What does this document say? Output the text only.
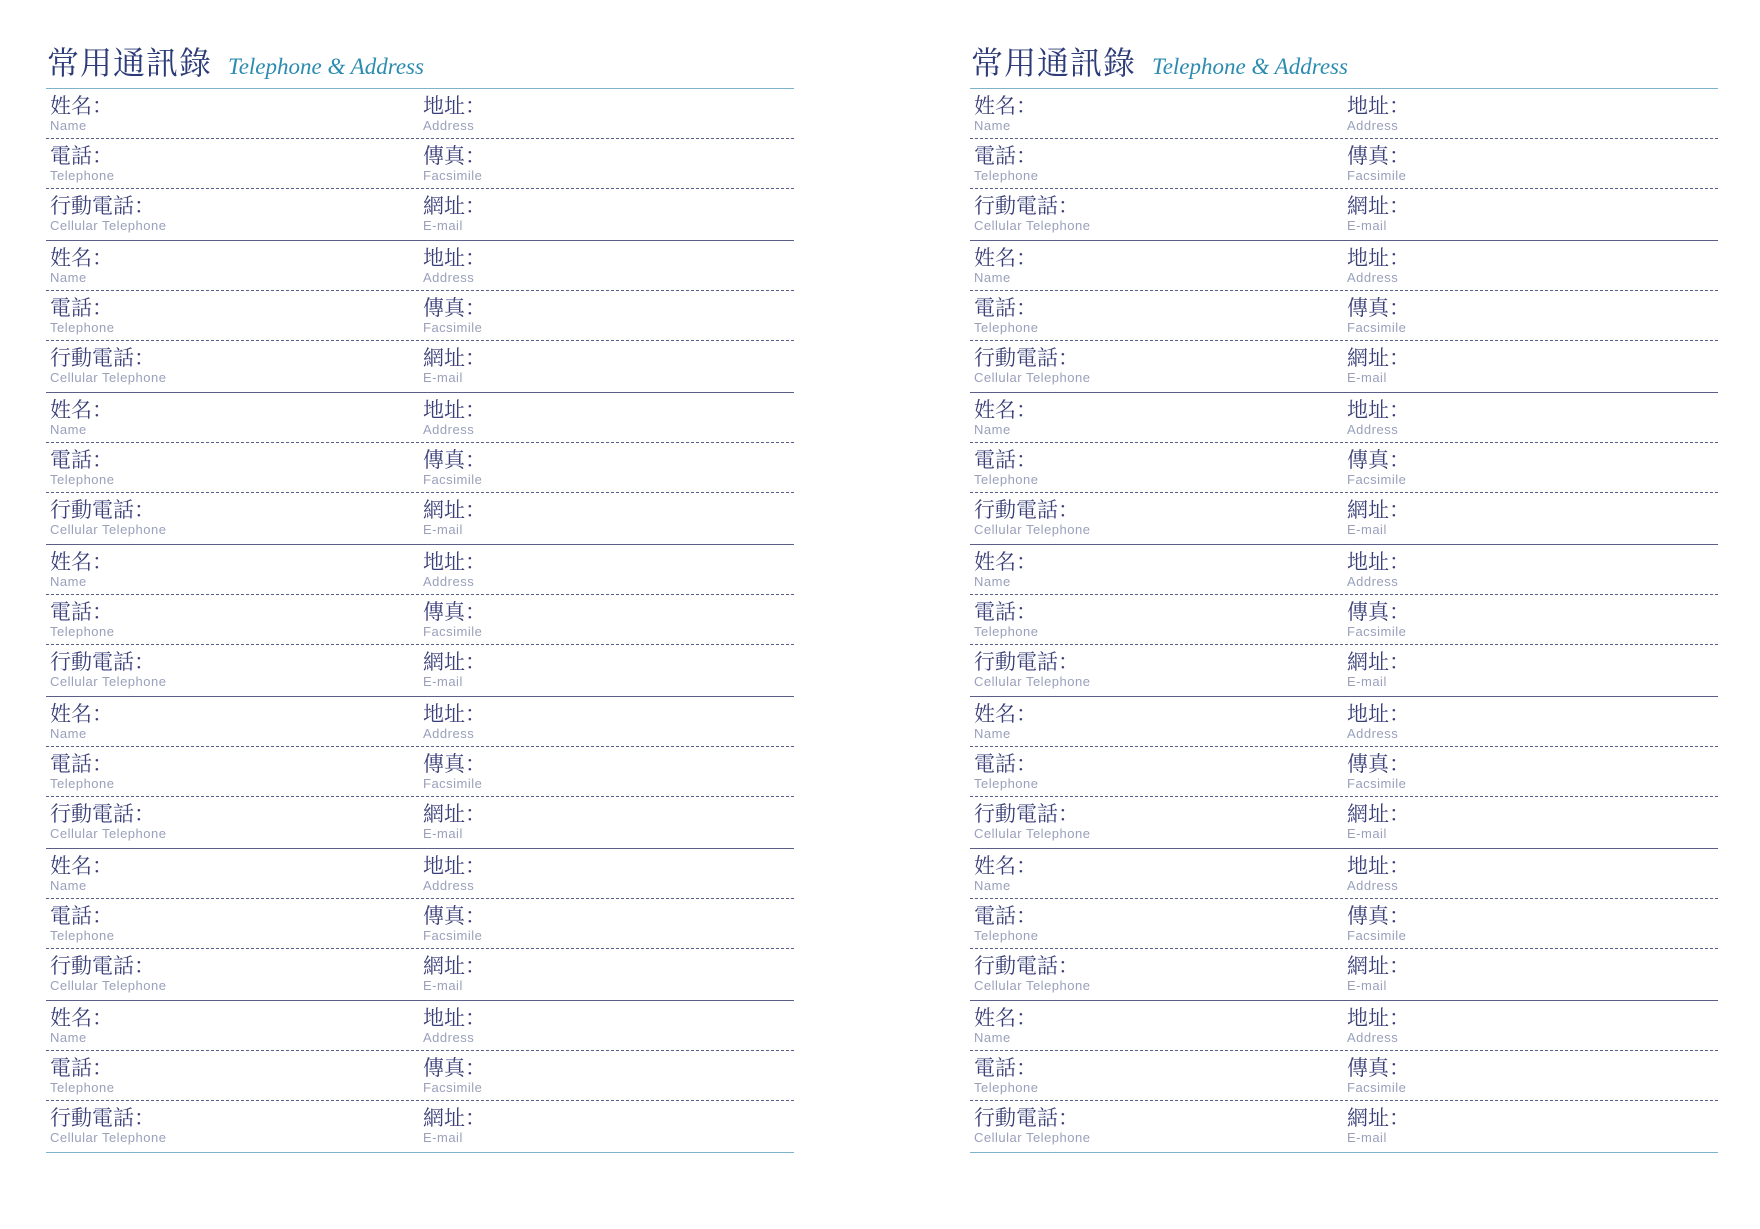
常用通訊錄 Telephone & Address
姓名：
Name
地址：
Address
電話：
Telephone
傳真：
Facsimile
行動電話：
Cellular Telephone
網址：
E-mail
姓名：
Name
地址：
Address
電話：
Telephone
傳真：
Facsimile
行動電話：
Cellular Telephone
網址：
E-mail
姓名：
Name
地址：
Address
電話：
Telephone
傳真：
Facsimile
行動電話：
Cellular Telephone
網址：
E-mail
姓名：
Name
地址：
Address
電話：
Telephone
傳真：
Facsimile
行動電話：
Cellular Telephone
網址：
E-mail
姓名：
Name
地址：
Address
電話：
Telephone
傳真：
Facsimile
行動電話：
Cellular Telephone
網址：
E-mail
姓名：
Name
地址：
Address
電話：
Telephone
傳真：
Facsimile
行動電話：
Cellular Telephone
網址：
E-mail
姓名：
Name
地址：
Address
電話：
Telephone
傳真：
Facsimile
行動電話：
Cellular Telephone
網址：
E-mail
常用通訊錄 Telephone & Address
姓名：
Name
地址：
Address
電話：
Telephone
傳真：
Facsimile
行動電話：
Cellular Telephone
網址：
E-mail
姓名：
Name
地址：
Address
電話：
Telephone
傳真：
Facsimile
行動電話：
Cellular Telephone
網址：
E-mail
姓名：
Name
地址：
Address
電話：
Telephone
傳真：
Facsimile
行動電話：
Cellular Telephone
網址：
E-mail
姓名：
Name
地址：
Address
電話：
Telephone
傳真：
Facsimile
行動電話：
Cellular Telephone
網址：
E-mail
姓名：
Name
地址：
Address
電話：
Telephone
傳真：
Facsimile
行動電話：
Cellular Telephone
網址：
E-mail
姓名：
Name
地址：
Address
電話：
Telephone
傳真：
Facsimile
行動電話：
Cellular Telephone
網址：
E-mail
姓名：
Name
地址：
Address
電話：
Telephone
傳真：
Facsimile
行動電話：
Cellular Telephone
網址：
E-mail
